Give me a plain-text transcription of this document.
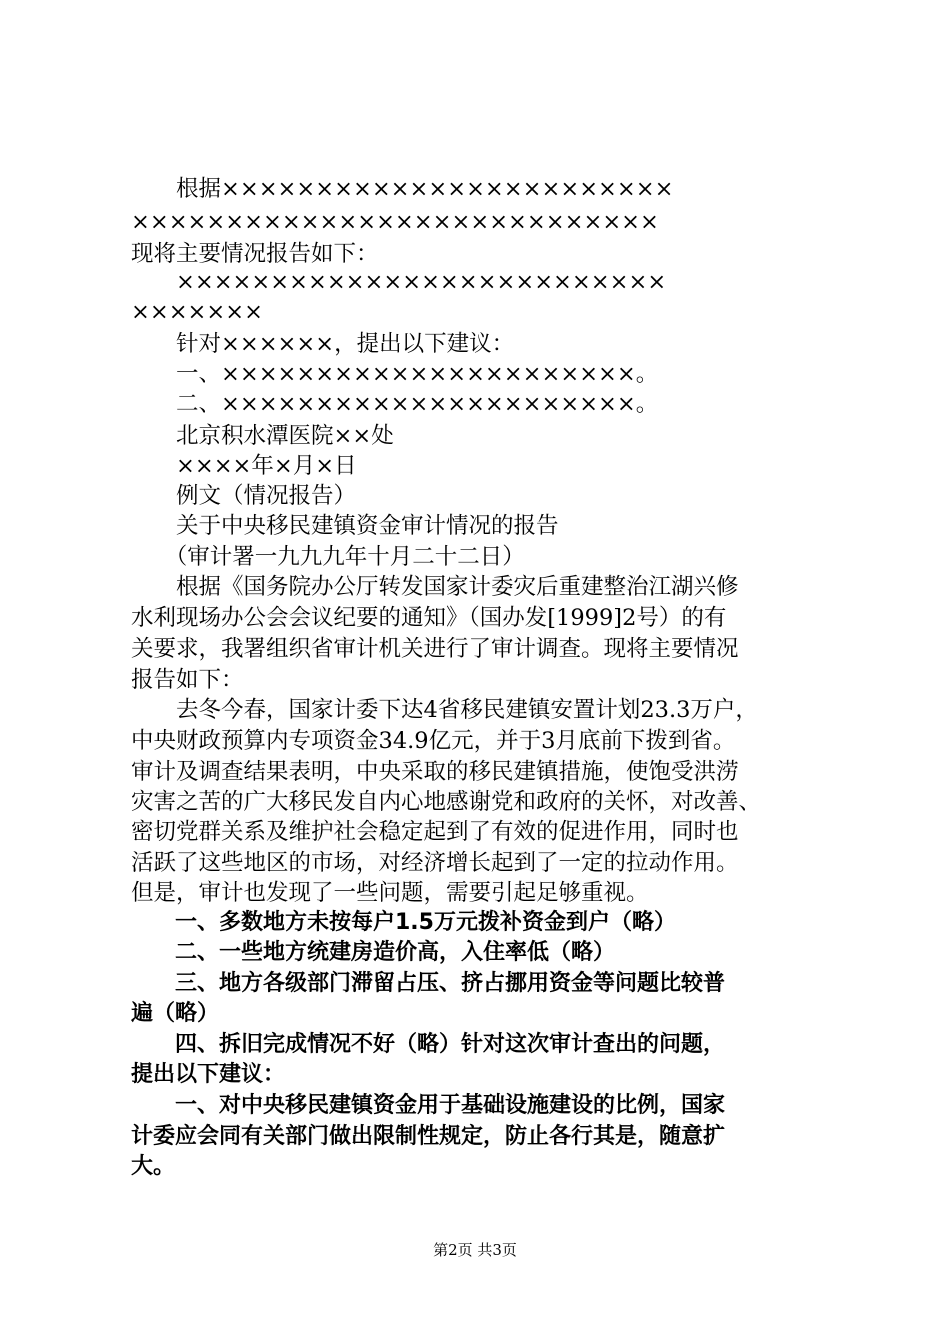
　　根据××××××××××××××××××××××××
××××××××××××××××××××××××××××
现将主要情况报告如下：
　　××××××××××××××××××××××××××
×××××××
　　针对××××××，提出以下建议：
　　一、××××××××××××××××××××××。
　　二、××××××××××××××××××××××。
　　北京积水潭医院××处
　　××××年×月×日
　　例文（情况报告）
　　关于中央移民建镇资金审计情况的报告
　　（审计署一九九九年十月二十二日）
　　根据《国务院办公厅转发国家计委灾后重建整治江湖兴修
水利现场办公会会议纪要的通知》（国办发[1999]2号）的有
关要求，我署组织省审计机关进行了审计调查。现将主要情况
报告如下：
　　去冬今春，国家计委下达4省移民建镇安置计划23.3万户，
中央财政预算内专项资金34.9亿元，并于3月底前下拨到省。
审计及调查结果表明，中央采取的移民建镇措施，使饱受洪涝
灾害之苦的广大移民发自内心地感谢党和政府的关怀，对改善、
密切党群关系及维护社会稳定起到了有效的促进作用，同时也
活跃了这些地区的市场，对经济增长起到了一定的拉动作用。
但是，审计也发现了一些问题，需要引起足够重视。
　　一、多数地方未按每户1.5万元拨补资金到户（略）
　　二、一些地方统建房造价高，入住率低（略）
　　三、地方各级部门滞留占压、挤占挪用资金等问题比较普
遍（略）
　　四、拆旧完成情况不好（略）针对这次审计查出的问题，
提出以下建议：
　　一、对中央移民建镇资金用于基础设施建设的比例，国家
计委应会同有关部门做出限制性规定，防止各行其是，随意扩
大。
第2页 共3页
